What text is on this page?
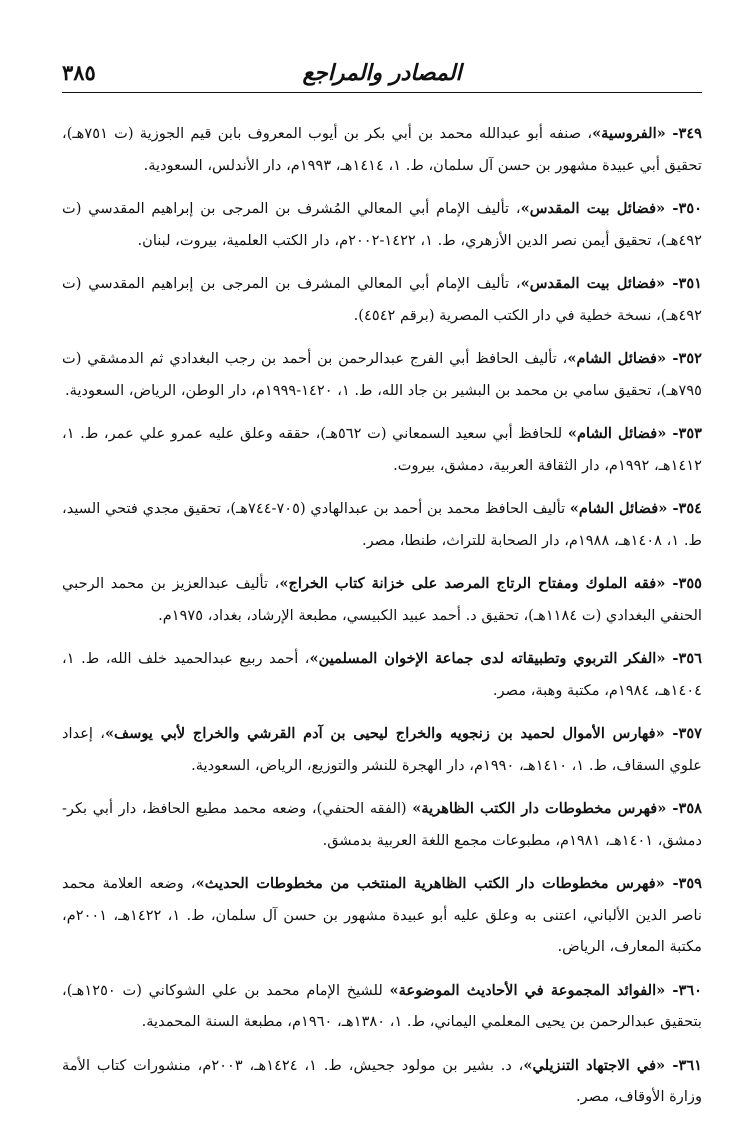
المصادر والمراجع
٣٨٥

٣٤٩- «الفروسية»، صنفه أبو عبدالله محمد بن أبي بكر بن أيوب المعروف بابن قيم الجوزية (ت ٧٥١هـ)، تحقيق أبي عبيدة مشهور بن حسن آل سلمان، ط. ١، ١٤١٤هـ، ١٩٩٣م، دار الأندلس، السعودية.

٣٥٠- «فضائل بيت المقدس»، تأليف الإمام أبي المعالي المُشرف بن المرجى بن إبراهيم المقدسي (ت ٤٩٢هـ)، تحقيق أيمن نصر الدين الأزهري، ط. ١، ١٤٢٢-٢٠٠٢م، دار الكتب العلمية، بيروت، لبنان.

٣٥١- «فضائل بيت المقدس»، تأليف الإمام أبي المعالي المشرف بن المرجى بن إبراهيم المقدسي (ت ٤٩٢هـ)، نسخة خطية في دار الكتب المصرية (برقم ٤٥٤٢).

٣٥٢- «فضائل الشام»، تأليف الحافظ أبي الفرج عبدالرحمن بن أحمد بن رجب البغدادي ثم الدمشقي (ت ٧٩٥هـ)، تحقيق سامي بن محمد بن البشير بن جاد الله، ط. ١، ١٤٢٠-١٩٩٩م، دار الوطن، الرياض، السعودية.

٣٥٣- «فضائل الشام» للحافظ أبي سعيد السمعاني (ت ٥٦٢هـ)، حققه وعلق عليه عمرو علي عمر، ط. ١، ١٤١٢هـ، ١٩٩٢م، دار الثقافة العربية، دمشق، بيروت.

٣٥٤- «فضائل الشام» تأليف الحافظ محمد بن أحمد بن عبدالهادي (٧٠٥-٧٤٤هـ)، تحقيق مجدي فتحي السيد، ط. ١، ١٤٠٨هـ، ١٩٨٨م، دار الصحابة للتراث، طنطا، مصر.

٣٥٥- «فقه الملوك ومفتاح الرتاج المرصد على خزانة كتاب الخراج»، تأليف عبدالعزيز بن محمد الرحبي الحنفي البغدادي (ت ١١٨٤هـ)، تحقيق د. أحمد عبيد الكبيسي، مطبعة الإرشاد، بغداد، ١٩٧٥م.

٣٥٦- «الفكر التربوي وتطبيقاته لدى جماعة الإخوان المسلمين»، أحمد ربيع عبدالحميد خلف الله، ط. ١، ١٤٠٤هـ، ١٩٨٤م، مكتبة وهبة، مصر.

٣٥٧- «فهارس الأموال لحميد بن زنجويه والخراج ليحيى بن آدم القرشي والخراج لأبي يوسف»، إعداد علوي السقاف، ط. ١، ١٤١٠هـ، ١٩٩٠م، دار الهجرة للنشر والتوزيع، الرياض، السعودية.

٣٥٨- «فهرس مخطوطات دار الكتب الظاهرية» (الفقه الحنفي)، وضعه محمد مطيع الحافظ، دار أبي بكر- دمشق، ١٤٠١هـ، ١٩٨١م، مطبوعات مجمع اللغة العربية بدمشق.

٣٥٩- «فهرس مخطوطات دار الكتب الظاهرية المنتخب من مخطوطات الحديث»، وضعه العلامة محمد ناصر الدين الألباني، اعتنى به وعلق عليه أبو عبيدة مشهور بن حسن آل سلمان، ط. ١، ١٤٢٢هـ، ٢٠٠١م، مكتبة المعارف، الرياض.

٣٦٠- «الفوائد المجموعة في الأحاديث الموضوعة» للشيخ الإمام محمد بن علي الشوكاني (ت ١٢٥٠هـ)، بتحقيق عبدالرحمن بن يحيى المعلمي اليماني، ط. ١، ١٣٨٠هـ، ١٩٦٠م، مطبعة السنة المحمدية.

٣٦١- «في الاجتهاد التنزيلي»، د. بشير بن مولود جحيش، ط. ١، ١٤٢٤هـ، ٢٠٠٣م، منشورات كتاب الأمة وزارة الأوقاف، مصر.
